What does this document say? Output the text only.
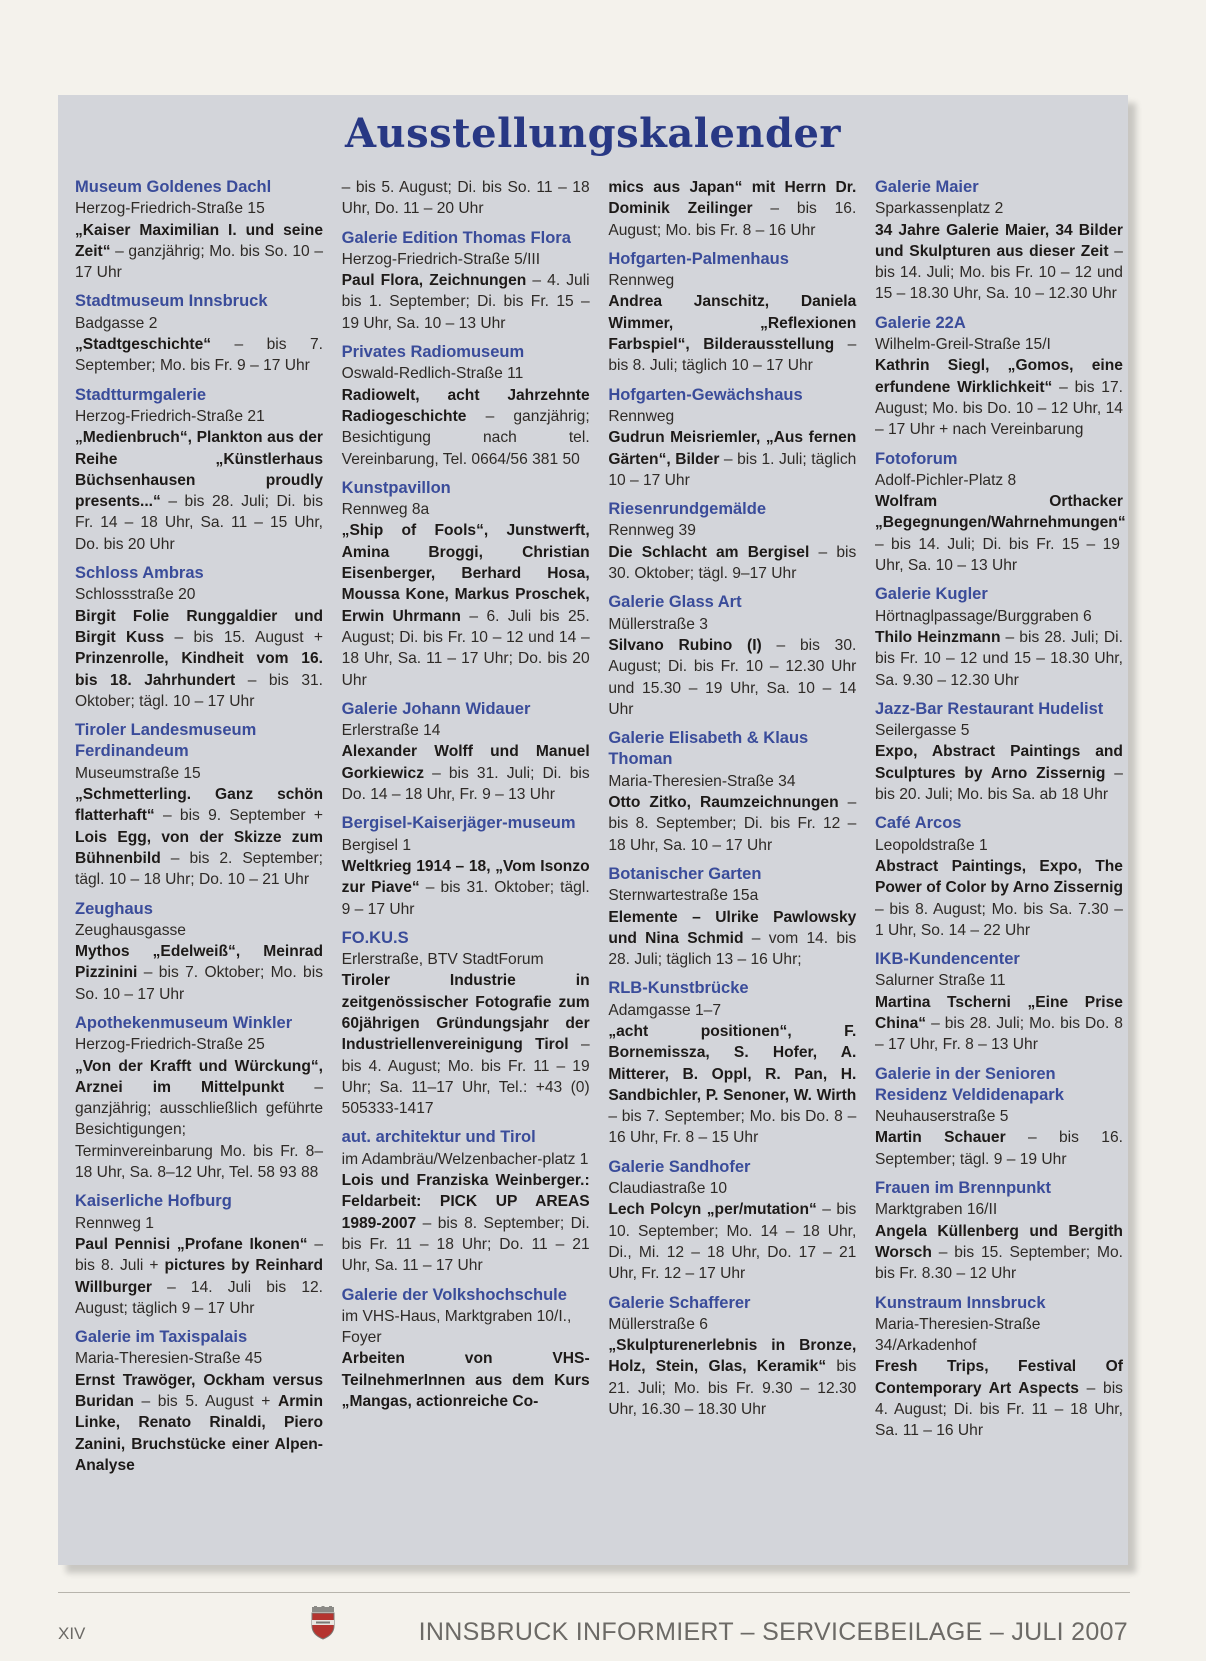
Ausstellungskalender
Museum Goldenes Dachl
Herzog-Friedrich-Straße 15
„Kaiser Maximilian I. und seine Zeit“ – ganzjährig; Mo. bis So. 10 – 17 Uhr
Stadtmuseum Innsbruck
Badgasse 2
„Stadtgeschichte“ – bis 7. September; Mo. bis Fr. 9 – 17 Uhr
Stadtturmgalerie
Herzog-Friedrich-Straße 21
„Medienbruch“, Plankton aus der Reihe „Künstlerhaus Büchsenhausen proudly presents...“ – bis 28. Juli; Di. bis Fr. 14 – 18 Uhr, Sa. 11 – 15 Uhr, Do. bis 20 Uhr
Schloss Ambras
Schlossstraße 20
Birgit Folie Runggaldier und Birgit Kuss – bis 15. August + Prinzenrolle, Kindheit vom 16. bis 18. Jahrhundert – bis 31. Oktober; tägl. 10 – 17 Uhr
Tiroler Landesmuseum Ferdinandeum
Museumstraße 15
„Schmetterling. Ganz schön flatterhaft“ – bis 9. September + Lois Egg, von der Skizze zum Bühnenbild – bis 2. September; tägl. 10 – 18 Uhr; Do. 10 – 21 Uhr
Zeughaus
Zeughausgasse
Mythos „Edelweiß“, Meinrad Pizzinini – bis 7. Oktober; Mo. bis So. 10 – 17 Uhr
Apothekenmuseum Winkler
Herzog-Friedrich-Straße 25
„Von der Krafft und Würckung“, Arznei im Mittelpunkt – ganzjährig; ausschließlich geführte Besichtigungen; Terminvereinbarung Mo. bis Fr. 8–18 Uhr, Sa. 8–12 Uhr, Tel. 58 93 88
Kaiserliche Hofburg
Rennweg 1
Paul Pennisi „Profane Ikonen“ – bis 8. Juli + pictures by Reinhard Willburger – 14. Juli bis 12. August; täglich 9 – 17 Uhr
Galerie im Taxispalais
Maria-Theresien-Straße 45
Ernst Trawöger, Ockham versus Buridan – bis 5. August + Armin Linke, Renato Rinaldi, Piero Zanini, Bruchstücke einer Alpen-Analyse
– bis 5. August; Di. bis So. 11 – 18 Uhr, Do. 11 – 20 Uhr
Galerie Edition Thomas Flora
Herzog-Friedrich-Straße 5/III
Paul Flora, Zeichnungen – 4. Juli bis 1. September; Di. bis Fr. 15 – 19 Uhr, Sa. 10 – 13 Uhr
Privates Radiomuseum
Oswald-Redlich-Straße 11
Radiowelt, acht Jahrzehnte Radiogeschichte – ganzjährig; Besichtigung nach tel. Vereinbarung, Tel. 0664/56 381 50
Kunstpavillon
Rennweg 8a
„Ship of Fools“, Junstwerft, Amina Broggi, Christian Eisenberger, Berhard Hosa, Moussa Kone, Markus Proschek, Erwin Uhrmann – 6. Juli bis 25. August; Di. bis Fr. 10 – 12 und 14 – 18 Uhr, Sa. 11 – 17 Uhr; Do. bis 20 Uhr
Galerie Johann Widauer
Erlerstraße 14
Alexander Wolff und Manuel Gorkiewicz – bis 31. Juli; Di. bis Do. 14 – 18 Uhr, Fr. 9 – 13 Uhr
Bergisel-Kaiserjäger-museum
Bergisel 1
Weltkrieg 1914 – 18, „Vom Isonzo zur Piave“ – bis 31. Oktober; tägl. 9 – 17 Uhr
FO.KU.S
Erlerstraße, BTV StadtForum
Tiroler Industrie in zeitgenössischer Fotografie zum 60jährigen Gründungsjahr der Industriellenvereinigung Tirol – bis 4. August; Mo. bis Fr. 11 – 19 Uhr; Sa. 11–17 Uhr, Tel.: +43 (0) 505333-1417
aut. architektur und Tirol
im Adambräu/Welzenbacher-platz 1
Lois und Franziska Weinberger.: Feldarbeit: PICK UP AREAS 1989-2007 – bis 8. September; Di. bis Fr. 11 – 18 Uhr; Do. 11 – 21 Uhr, Sa. 11 – 17 Uhr
Galerie der Volkshochschule
im VHS-Haus, Marktgraben 10/I., Foyer
Arbeiten von VHS-TeilnehmerInnen aus dem Kurs „Mangas, actionreiche Co-
mics aus Japan“ mit Herrn Dr. Dominik Zeilinger – bis 16. August; Mo. bis Fr. 8 – 16 Uhr
Hofgarten-Palmenhaus
Rennweg
Andrea Janschitz, Daniela Wimmer, „Reflexionen Farbspiel“, Bilderausstellung – bis 8. Juli; täglich 10 – 17 Uhr
Hofgarten-Gewächshaus
Rennweg
Gudrun Meisriemler, „Aus fernen Gärten“, Bilder – bis 1. Juli; täglich 10 – 17 Uhr
Riesenrundgemälde
Rennweg 39
Die Schlacht am Bergisel – bis 30. Oktober; tägl. 9–17 Uhr
Galerie Glass Art
Müllerstraße 3
Silvano Rubino (I) – bis 30. August; Di. bis Fr. 10 – 12.30 Uhr und 15.30 – 19 Uhr, Sa. 10 – 14 Uhr
Galerie Elisabeth & Klaus Thoman
Maria-Theresien-Straße 34
Otto Zitko, Raumzeichnungen – bis 8. September; Di. bis Fr. 12 – 18 Uhr, Sa. 10 – 17 Uhr
Botanischer Garten
Sternwartestraße 15a
Elemente – Ulrike Pawlowsky und Nina Schmid – vom 14. bis 28. Juli; täglich 13 – 16 Uhr;
RLB-Kunstbrücke
Adamgasse 1–7
„acht positionen“, F. Bornemissza, S. Hofer, A. Mitterer, B. Oppl, R. Pan, H. Sandbichler, P. Senoner, W. Wirth – bis 7. September; Mo. bis Do. 8 – 16 Uhr, Fr. 8 – 15 Uhr
Galerie Sandhofer
Claudiastraße 10
Lech Polcyn „per/mutation“ – bis 10. September; Mo. 14 – 18 Uhr, Di., Mi. 12 – 18 Uhr, Do. 17 – 21 Uhr, Fr. 12 – 17 Uhr
Galerie Schafferer
Müllerstraße 6
„Skulpturenerlebnis in Bronze, Holz, Stein, Glas, Keramik“ bis 21. Juli; Mo. bis Fr. 9.30 – 12.30 Uhr, 16.30 – 18.30 Uhr
Galerie Maier
Sparkassenplatz 2
34 Jahre Galerie Maier, 34 Bilder und Skulpturen aus dieser Zeit – bis 14. Juli; Mo. bis Fr. 10 – 12 und 15 – 18.30 Uhr, Sa. 10 – 12.30 Uhr
Galerie 22A
Wilhelm-Greil-Straße 15/I
Kathrin Siegl, „Gomos, eine erfundene Wirklichkeit“ – bis 17. August; Mo. bis Do. 10 – 12 Uhr, 14 – 17 Uhr + nach Vereinbarung
Fotoforum
Adolf-Pichler-Platz 8
Wolfram Orthacker „Begegnungen/Wahrnehmungen“ – bis 14. Juli; Di. bis Fr. 15 – 19 Uhr, Sa. 10 – 13 Uhr
Galerie Kugler
Hörtnaglpassage/Burggraben 6
Thilo Heinzmann – bis 28. Juli; Di. bis Fr. 10 – 12 und 15 – 18.30 Uhr, Sa. 9.30 – 12.30 Uhr
Jazz-Bar Restaurant Hudelist
Seilergasse 5
Expo, Abstract Paintings and Sculptures by Arno Zissernig – bis 20. Juli; Mo. bis Sa. ab 18 Uhr
Café Arcos
Leopoldstraße 1
Abstract Paintings, Expo, The Power of Color by Arno Zissernig – bis 8. August; Mo. bis Sa. 7.30 – 1 Uhr, So. 14 – 22 Uhr
IKB-Kundencenter
Salurner Straße 11
Martina Tscherni „Eine Prise China“ – bis 28. Juli; Mo. bis Do. 8 – 17 Uhr, Fr. 8 – 13 Uhr
Galerie in der Senioren Residenz Veldidenapark
Neuhauserstraße 5
Martin Schauer – bis 16. September; tägl. 9 – 19 Uhr
Frauen im Brennpunkt
Marktgraben 16/II
Angela Küllenberg und Bergith Worsch – bis 15. September; Mo. bis Fr. 8.30 – 12 Uhr
Kunstraum Innsbruck
Maria-Theresien-Straße 34/Arkadenhof
Fresh Trips, Festival Of Contemporary Art Aspects – bis 4. August; Di. bis Fr. 11 – 18 Uhr, Sa. 11 – 16 Uhr
XIV	INNSBRUCK INFORMIERT – SERVICEBEILAGE – JULI 2007
